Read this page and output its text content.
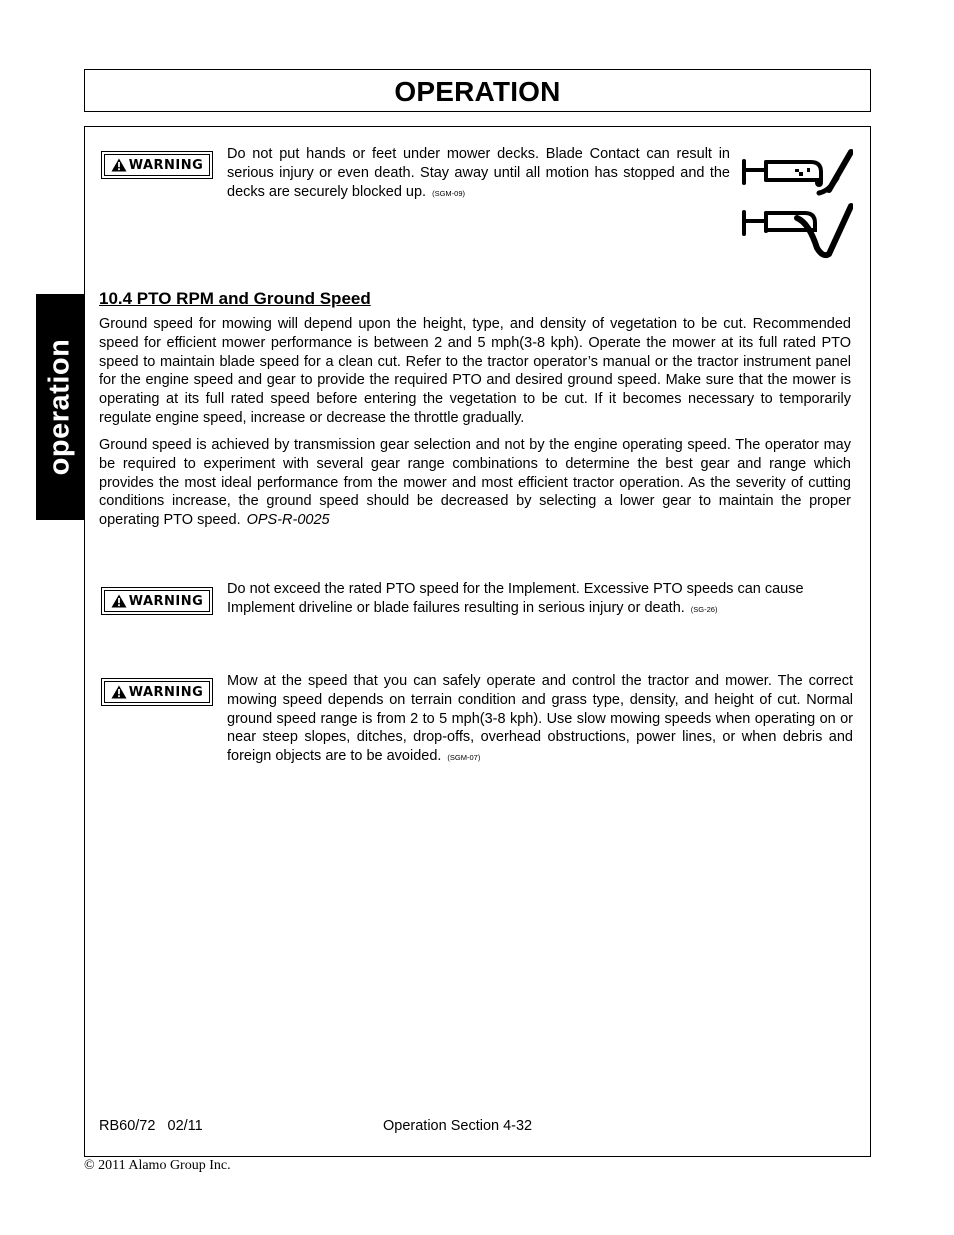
OPERATION
operation
WARNING
Do not put hands or feet under mower decks. Blade Contact can result in serious injury or even death. Stay away until all motion has stopped and the decks are securely blocked up. (SGM-09)
10.4 PTO RPM and Ground Speed
Ground speed for mowing will depend upon the height, type, and density of vegetation to be cut. Recommended speed for efficient mower performance is between 2 and 5 mph(3-8 kph). Operate the mower at its full rated PTO speed to maintain blade speed for a clean cut. Refer to the tractor operator’s manual or the tractor instrument panel for the engine speed and gear to provide the required PTO and desired ground speed. Make sure that the mower is operating at its full rated speed before entering the vegetation to be cut. If it becomes necessary to temporarily regulate engine speed, increase or decrease the throttle gradually.
Ground speed is achieved by transmission gear selection and not by the engine operating speed. The operator may be required to experiment with several gear range combinations to determine the best gear and range which provides the most ideal performance from the mower and most efficient tractor operation. As the severity of cutting conditions increase, the ground speed should be decreased by selecting a lower gear to maintain the proper operating PTO speed. OPS-R-0025
WARNING
Do not exceed the rated PTO speed for the Implement. Excessive PTO speeds can cause Implement driveline or blade failures resulting in serious injury or death. (SG-26)
WARNING
Mow at the speed that you can safely operate and control the tractor and mower. The correct mowing speed depends on terrain condition and grass type, density, and height of cut. Normal ground speed range is from 2 to 5 mph(3-8 kph). Use slow mowing speeds when operating on or near steep slopes, ditches, drop-offs, overhead obstructions, power lines, or when debris and foreign objects are to be avoided. (SGM-07)
RB60/72   02/11	Operation Section 4-32
© 2011 Alamo Group Inc.
